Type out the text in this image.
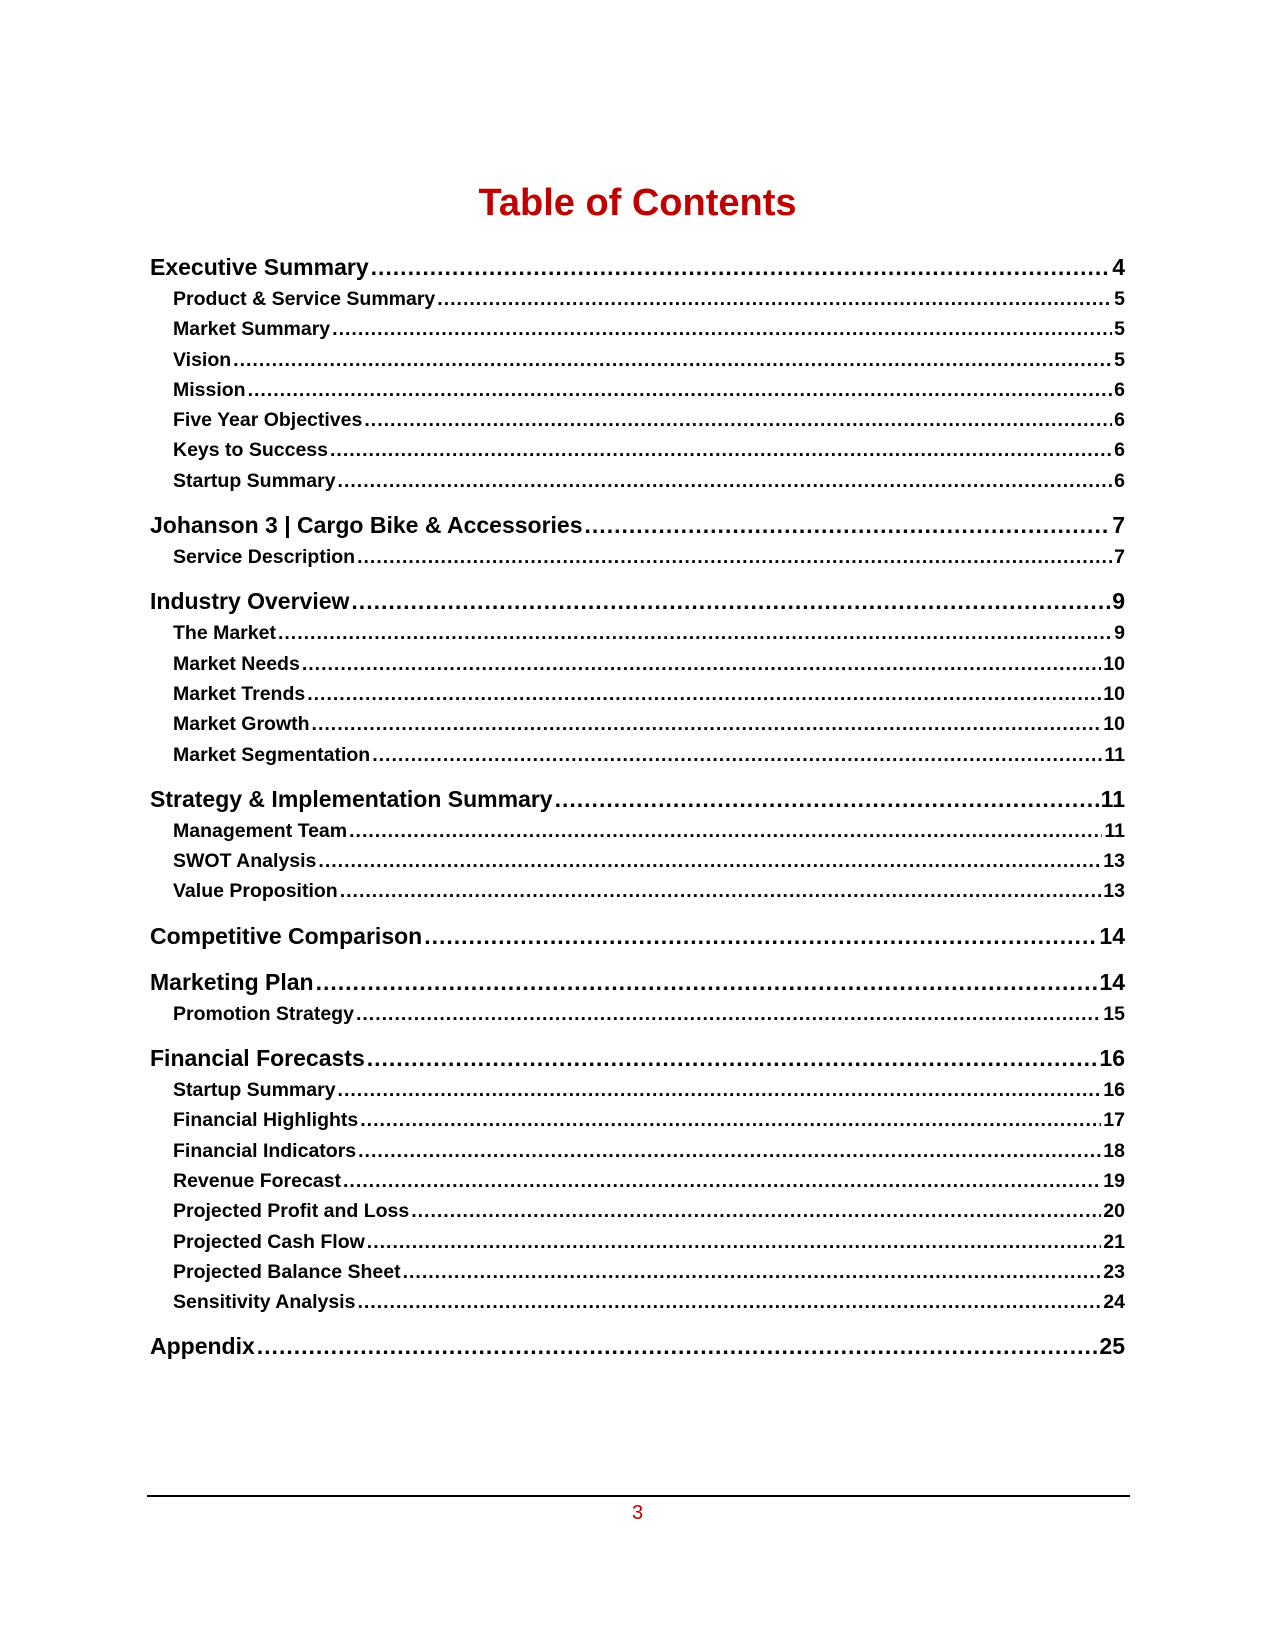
Table of Contents
Executive Summary .....	4
Product & Service Summary .....	5
Market Summary .....	5
Vision .....	5
Mission .....	6
Five Year Objectives .....	6
Keys to Success .....	6
Startup Summary .....	6
Johanson 3 | Cargo Bike & Accessories .....	7
Service Description .....	7
Industry Overview .....	9
The Market .....	9
Market Needs .....	10
Market Trends .....	10
Market Growth .....	10
Market Segmentation .....	11
Strategy & Implementation Summary .....	11
Management Team .....	11
SWOT Analysis .....	13
Value Proposition .....	13
Competitive Comparison .....	14
Marketing Plan .....	14
Promotion Strategy .....	15
Financial Forecasts .....	16
Startup Summary .....	16
Financial Highlights .....	17
Financial Indicators .....	18
Revenue Forecast .....	19
Projected Profit and Loss .....	20
Projected Cash Flow .....	21
Projected Balance Sheet .....	23
Sensitivity Analysis .....	24
Appendix .....	25
3
